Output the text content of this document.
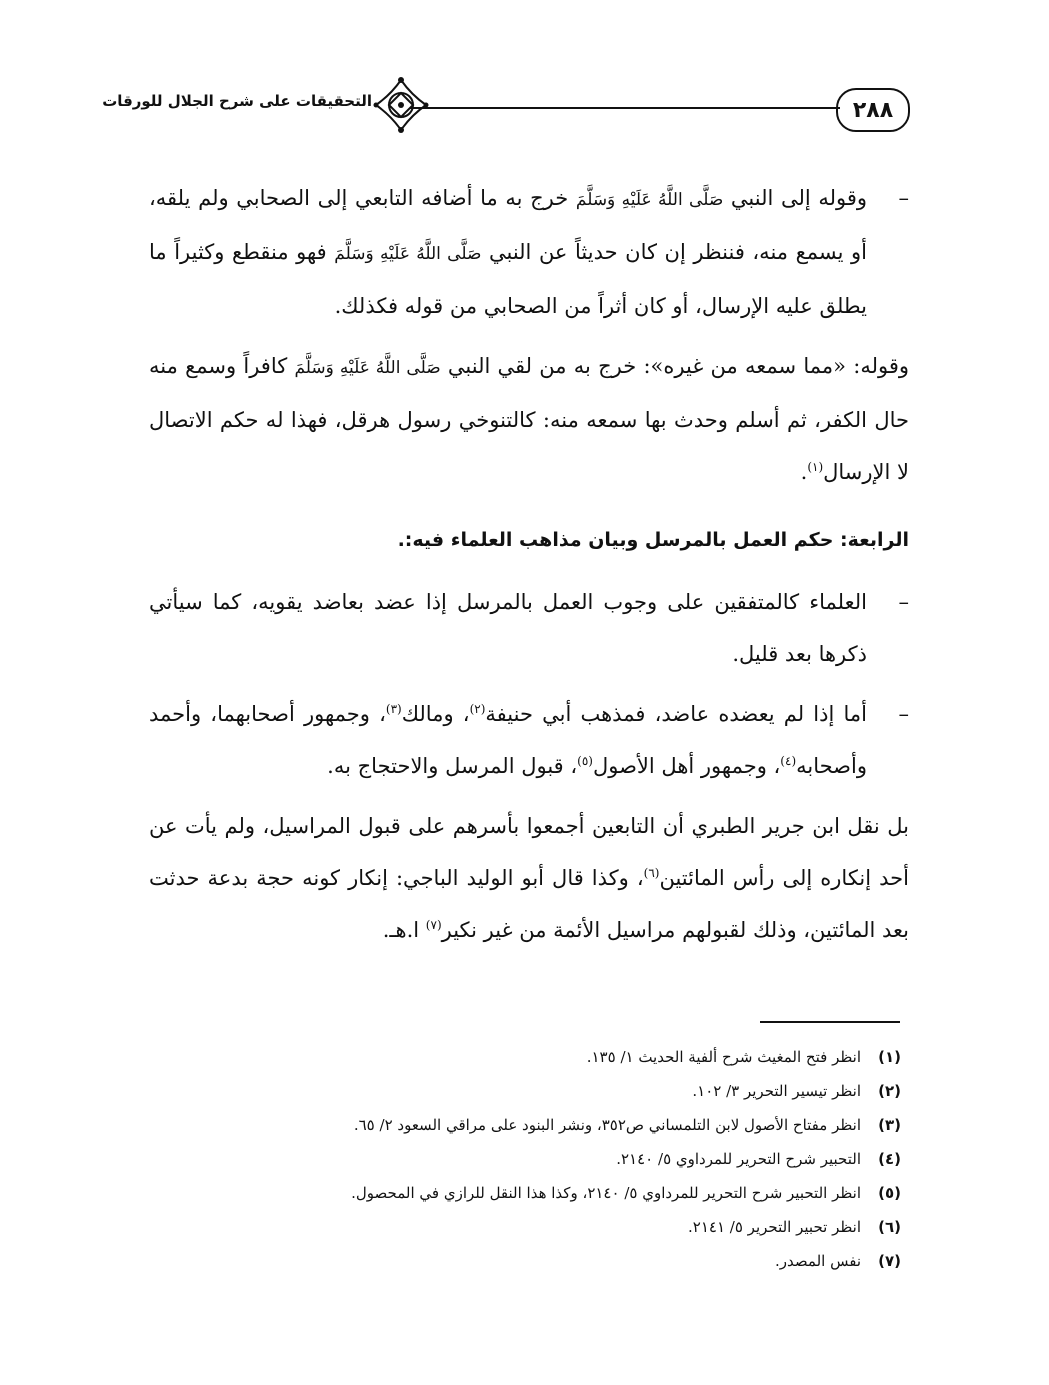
٢٨٨
التحقيقات على شرح الجلال للورقات

–
وقوله إلى النبي صَلَّى اللَّهُ عَلَيْهِ وَسَلَّمَ خرج به ما أضافه التابعي إلى الصحابي ولم يلقه، أو يسمع منه، فننظر إن كان حديثاً عن النبي صَلَّى اللَّهُ عَلَيْهِ وَسَلَّمَ فهو منقطع وكثيراً ما يطلق عليه الإرسال، أو كان أثراً من الصحابي من قوله فكذلك.

وقوله: «مما سمعه من غيره»: خرج به من لقي النبي صَلَّى اللَّهُ عَلَيْهِ وَسَلَّمَ كافراً وسمع منه حال الكفر، ثم أسلم وحدث بها سمعه منه: كالتنوخي رسول هرقل، فهذا له حكم الاتصال لا الإرسال$^{(١)}$.

الرابعة: حكم العمل بالمرسل وبيان مذاهب العلماء فيه:.

–
العلماء كالمتفقين على وجوب العمل بالمرسل إذا عضد بعاضد يقويه، كما سيأتي ذكرها بعد قليل.

–
أما إذا لم يعضده عاضد، فمذهب أبي حنيفة$^{(٢)}$، ومالك$^{(٣)}$، وجمهور أصحابهما، وأحمد وأصحابه$^{(٤)}$، وجمهور أهل الأصول$^{(٥)}$، قبول المرسل والاحتجاج به.

بل نقل ابن جرير الطبري أن التابعين أجمعوا بأسرهم على قبول المراسيل، ولم يأت عن أحد إنكاره إلى رأس المائتين$^{(٦)}$، وكذا قال أبو الوليد الباجي: إنكار كونه حجة بدعة حدثت بعد المائتين، وذلك لقبولهم مراسيل الأئمة من غير نكير$^{(٧)}$ ا.هـ.

(١)
انظر فتح المغيث شرح ألفية الحديث ١/ ١٣٥.
(٢)
انظر تيسير التحرير ٣/ ١٠٢.
(٣)
انظر مفتاح الأصول لابن التلمساني ص٣٥٢، ونشر البنود على مراقي السعود ٢/ ٦٥.
(٤)
التحبير شرح التحرير للمرداوي ٥/ ٢١٤٠.
(٥)
انظر التحبير شرح التحرير للمرداوي ٥/ ٢١٤٠، وكذا هذا النقل للرازي في المحصول.
(٦)
انظر تحبير التحرير ٥/ ٢١٤١.
(٧)
نفس المصدر.
